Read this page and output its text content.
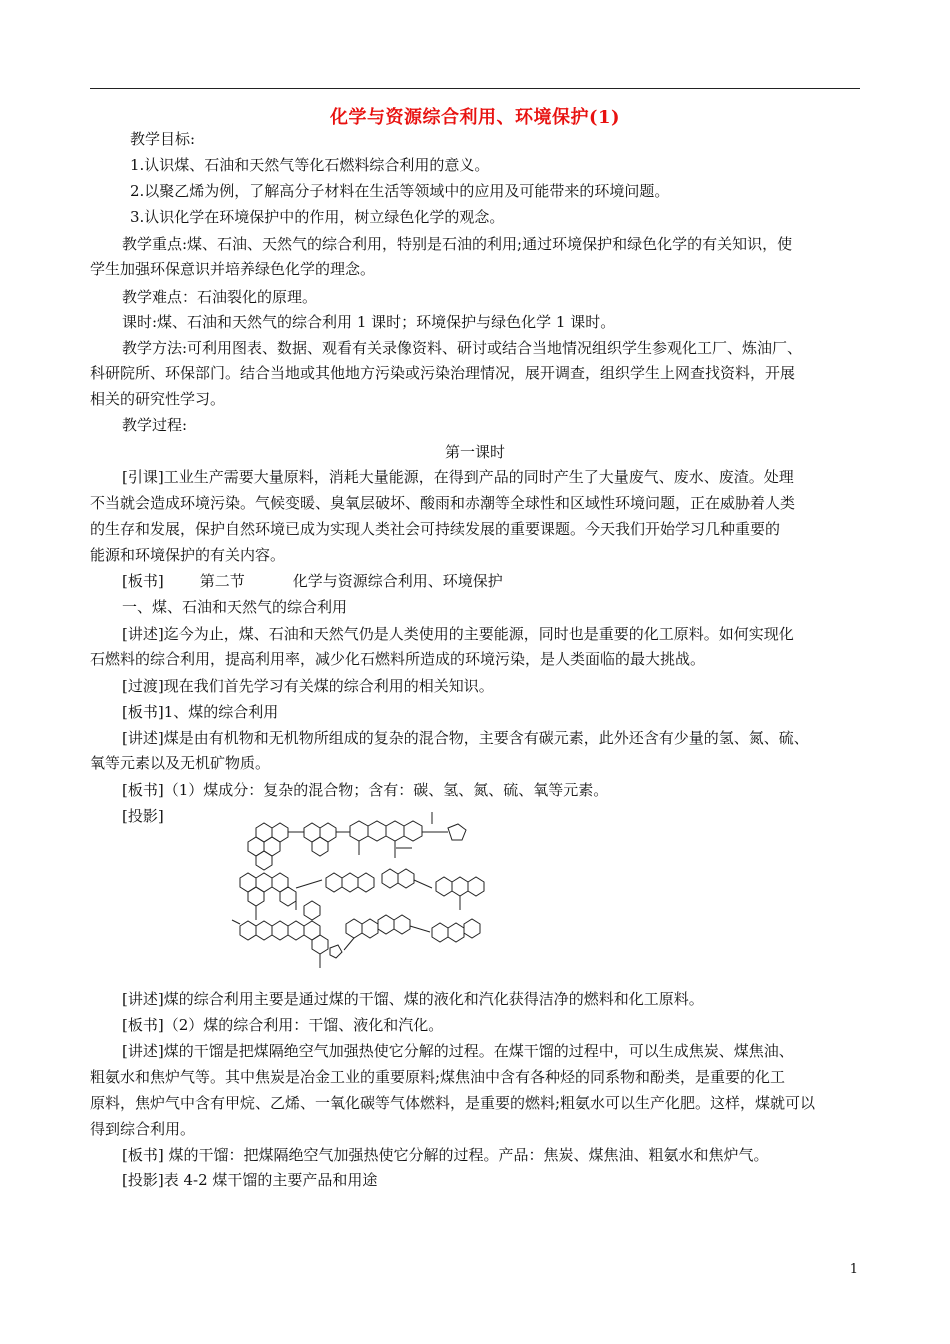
化学与资源综合利用、环境保护(1)
教学目标:
1.认识煤、石油和天然气等化石燃料综合利用的意义。
2.以聚乙烯为例，了解高分子材料在生活等领域中的应用及可能带来的环境问题。
3.认识化学在环境保护中的作用，树立绿色化学的观念。
教学重点:煤、石油、天然气的综合利用，特别是石油的利用;通过环境保护和绿色化学的有关知识，使
学生加强环保意识并培养绿色化学的理念。
教学难点：石油裂化的原理。
课时:煤、石油和天然气的综合利用 1 课时；环境保护与绿色化学 1 课时。
教学方法:可利用图表、数据、观看有关录像资料、研讨或结合当地情况组织学生参观化工厂、炼油厂、
科研院所、环保部门。结合当地或其他地方污染或污染治理情况，展开调查，组织学生上网查找资料，开展
相关的研究性学习。
教学过程:
第一课时
[引课]工业生产需要大量原料，消耗大量能源，在得到产品的同时产生了大量废气、废水、废渣。处理
不当就会造成环境污染。气候变暖、臭氧层破坏、酸雨和赤潮等全球性和区域性环境问题，正在威胁着人类
的生存和发展，保护自然环境已成为实现人类社会可持续发展的重要课题。今天我们开始学习几种重要的
能源和环境保护的有关内容。
[板书] 第二节	化学与资源综合利用、环境保护
一、煤、石油和天然气的综合利用
[讲述]迄今为止，煤、石油和天然气仍是人类使用的主要能源，同时也是重要的化工原料。如何实现化
石燃料的综合利用，提高利用率，减少化石燃料所造成的环境污染，是人类面临的最大挑战。
[过渡]现在我们首先学习有关煤的综合利用的相关知识。
[板书]1、煤的综合利用
[讲述]煤是由有机物和无机物所组成的复杂的混合物，主要含有碳元素，此外还含有少量的氢、氮、硫、
氧等元素以及无机矿物质。
[板书]（1）煤成分：复杂的混合物；含有：碳、氢、氮、硫、氧等元素。
[投影]
[讲述]煤的综合利用主要是通过煤的干馏、煤的液化和汽化获得洁净的燃料和化工原料。
[板书]（2）煤的综合利用：干馏、液化和汽化。
[讲述]煤的干馏是把煤隔绝空气加强热使它分解的过程。在煤干馏的过程中，可以生成焦炭、煤焦油、
粗氨水和焦炉气等。其中焦炭是冶金工业的重要原料;煤焦油中含有各种烃的同系物和酚类，是重要的化工
原料，焦炉气中含有甲烷、乙烯、一氧化碳等气体燃料，是重要的燃料;粗氨水可以生产化肥。这样，煤就可以
得到综合利用。
[板书] 煤的干馏：把煤隔绝空气加强热使它分解的过程。产品：焦炭、煤焦油、粗氨水和焦炉气。
[投影]表 4-2 煤干馏的主要产品和用途
1
